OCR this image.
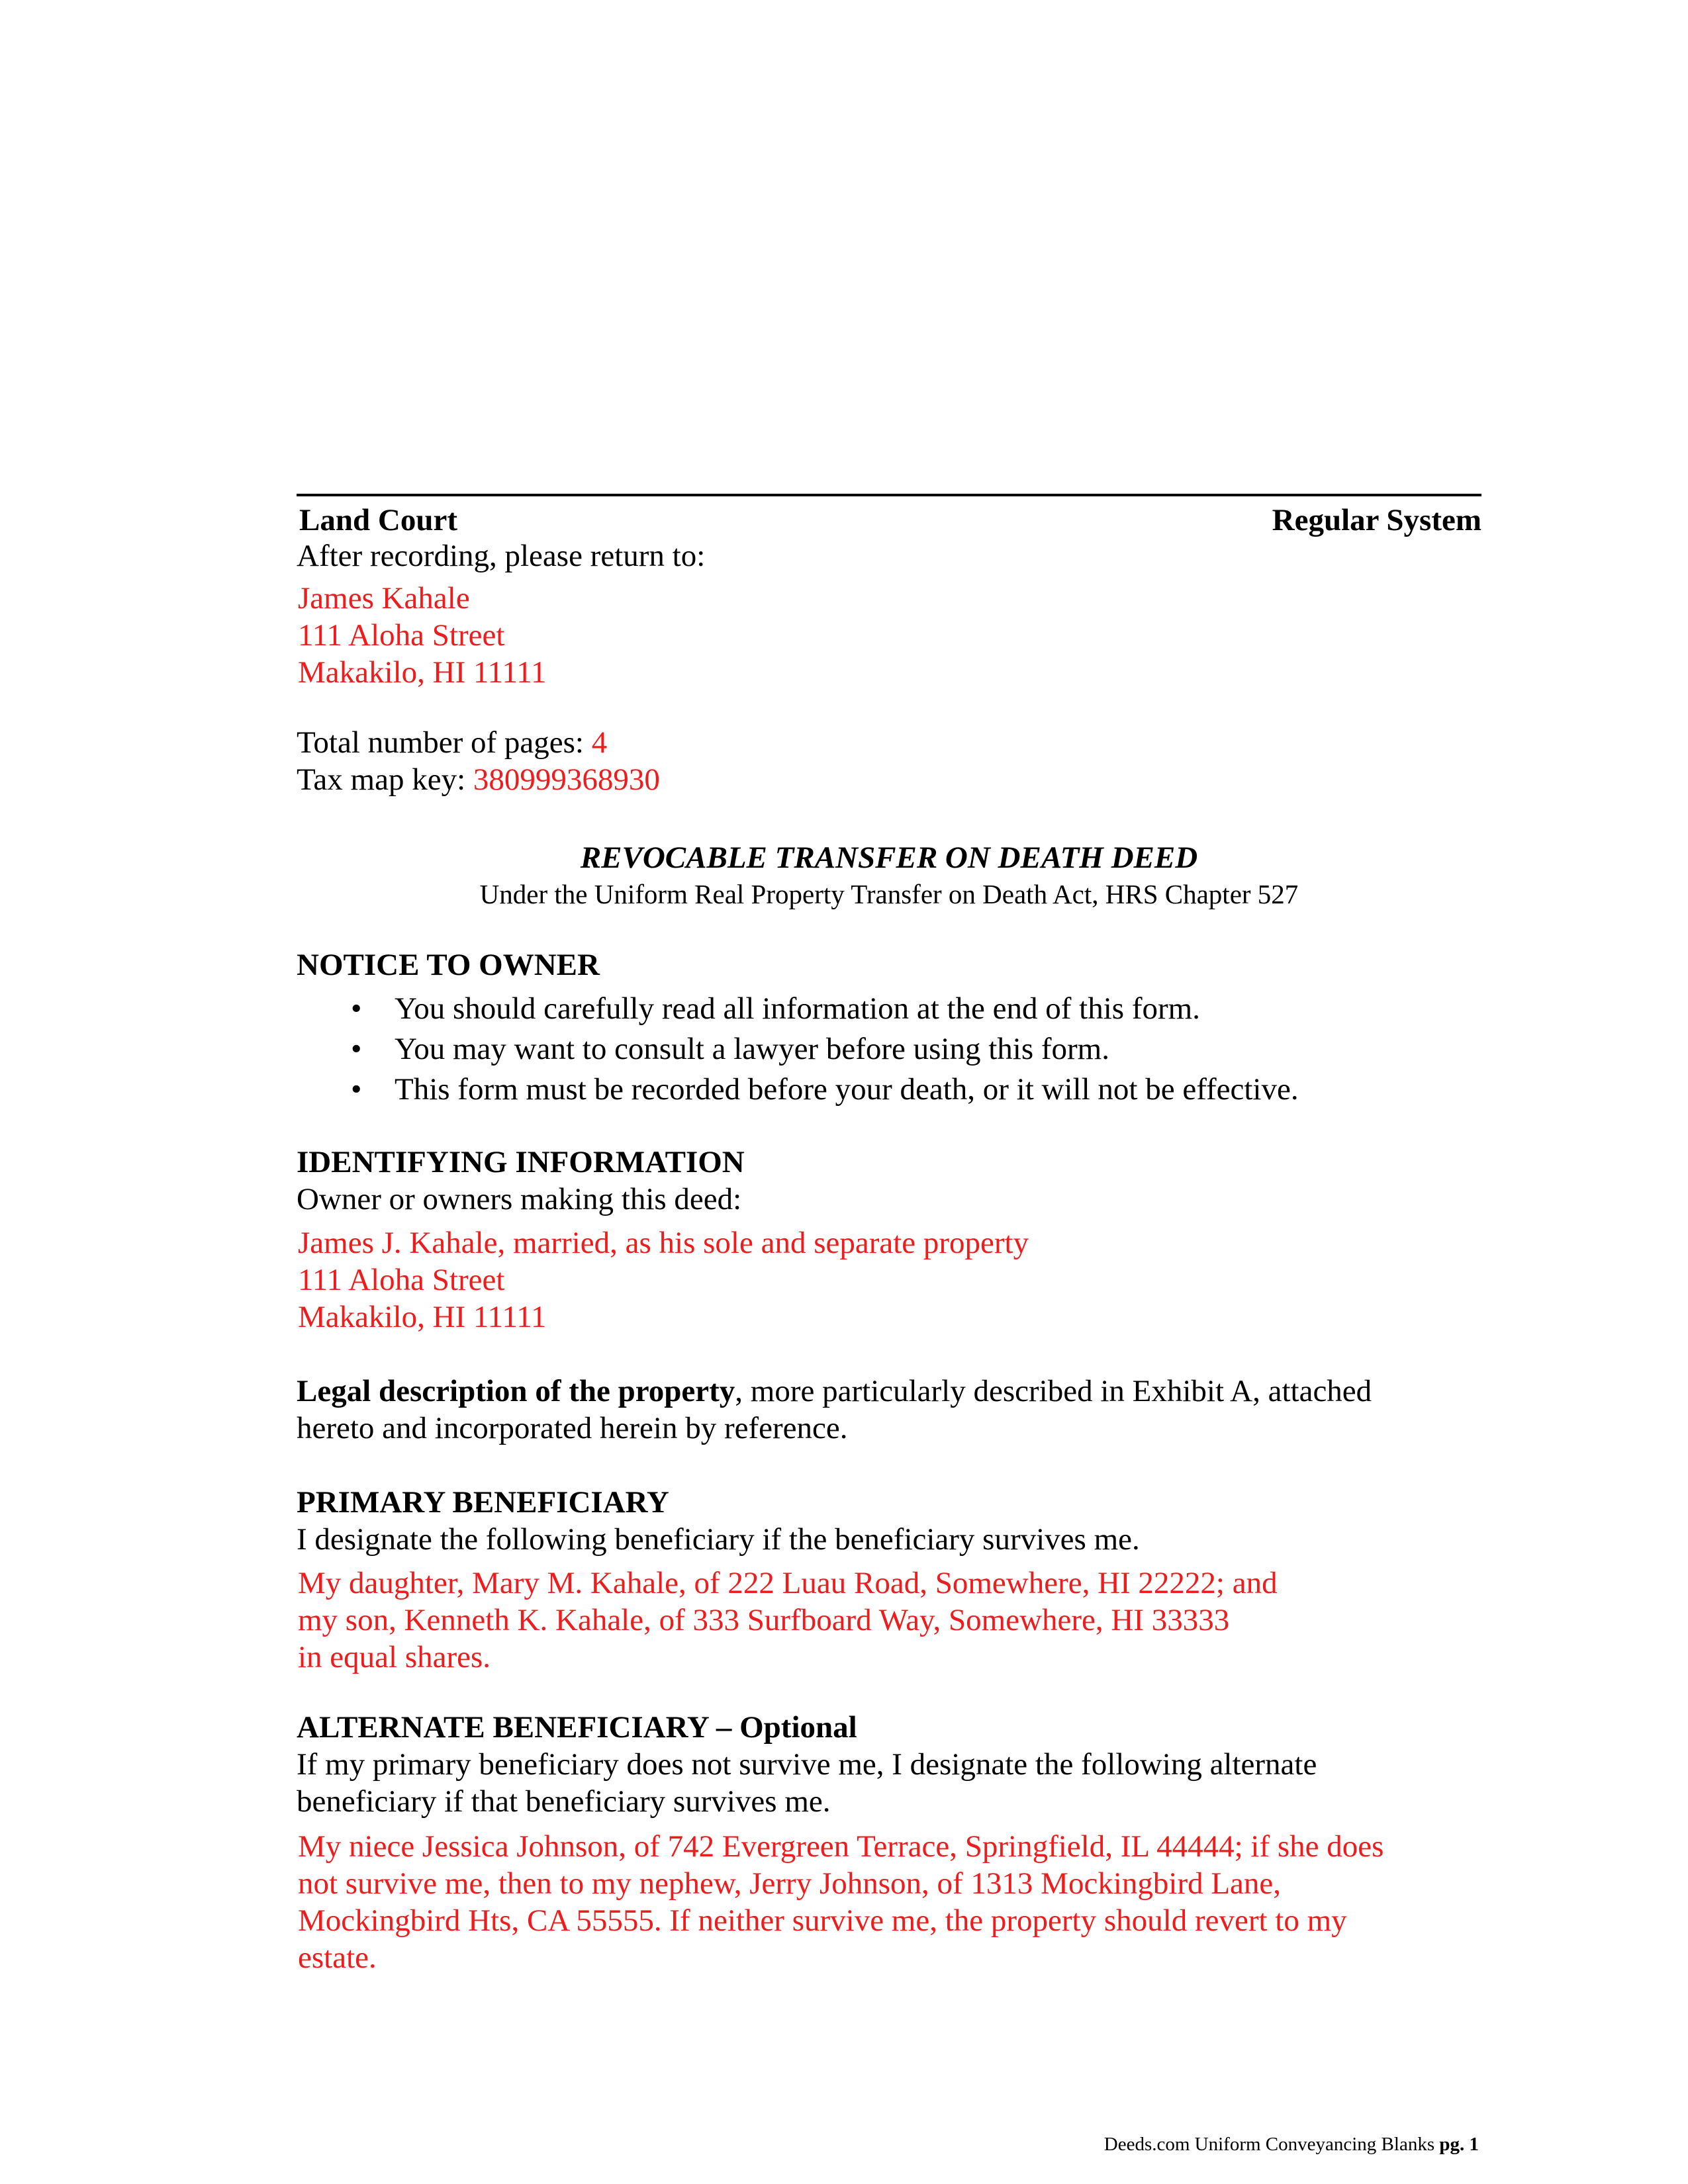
Land Court	Regular System
After recording, please return to:
James Kahale
111 Aloha Street
Makakilo, HI 11111
Total number of pages: 4
Tax map key: 380999368930
REVOCABLE TRANSFER ON DEATH DEED
Under the Uniform Real Property Transfer on Death Act, HRS Chapter 527
NOTICE TO OWNER
• You should carefully read all information at the end of this form.
• You may want to consult a lawyer before using this form.
• This form must be recorded before your death, or it will not be effective.
IDENTIFYING INFORMATION
Owner or owners making this deed:
James J. Kahale, married, as his sole and separate property
111 Aloha Street
Makakilo, HI 11111
Legal description of the property, more particularly described in Exhibit A, attached
hereto and incorporated herein by reference.
PRIMARY BENEFICIARY
I designate the following beneficiary if the beneficiary survives me.
My daughter, Mary M. Kahale, of 222 Luau Road, Somewhere, HI 22222; and
my son, Kenneth K. Kahale, of 333 Surfboard Way, Somewhere, HI 33333
in equal shares.
ALTERNATE BENEFICIARY – Optional
If my primary beneficiary does not survive me, I designate the following alternate
beneficiary if that beneficiary survives me.
My niece Jessica Johnson, of 742 Evergreen Terrace, Springfield, IL 44444; if she does
not survive me, then to my nephew, Jerry Johnson, of 1313 Mockingbird Lane,
Mockingbird Hts, CA 55555. If neither survive me, the property should revert to my
estate.
Deeds.com Uniform Conveyancing Blanks pg. 1
